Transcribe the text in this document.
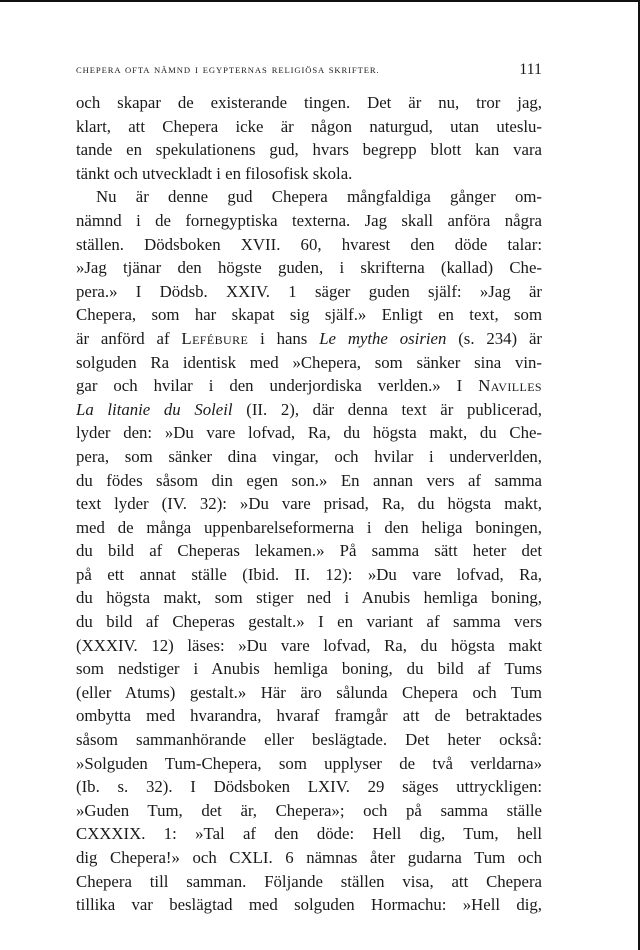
CHEPERA OFTA NÄMND I EGYPTERNAS RELIGIÖSA SKRIFTER.	111
och skapar de existerande tingen. Det är nu, tror jag,
klart, att Chepera icke är någon naturgud, utan uteslu-
tande en spekulationens gud, hvars begrepp blott kan vara
tänkt och utveckladt i en filosofisk skola.
Nu är denne gud Chepera mångfaldiga gånger om-
nämnd i de fornegyptiska texterna. Jag skall anföra några
ställen. Dödsboken XVII. 60, hvarest den döde talar:
»Jag tjänar den högste guden, i skrifterna (kallad) Che-
pera.» I Dödsb. XXIV. 1 säger guden själf: »Jag är
Chepera, som har skapat sig själf.» Enligt en text, som
är anförd af Lefébure i hans Le mythe osirien (s. 234) är
solguden Ra identisk med »Chepera, som sänker sina vin-
gar och hvilar i den underjordiska verlden.» I Navilles
La litanie du Soleil (II. 2), där denna text är publicerad,
lyder den: »Du vare lofvad, Ra, du högsta makt, du Che-
pera, som sänker dina vingar, och hvilar i underverlden,
du födes såsom din egen son.» En annan vers af samma
text lyder (IV. 32): »Du vare prisad, Ra, du högsta makt,
med de många uppenbarelseformerna i den heliga boningen,
du bild af Cheperas lekamen.» På samma sätt heter det
på ett annat ställe (Ibid. II. 12): »Du vare lofvad, Ra,
du högsta makt, som stiger ned i Anubis hemliga boning,
du bild af Cheperas gestalt.» I en variant af samma vers
(XXXIV. 12) läses: »Du vare lofvad, Ra, du högsta makt
som nedstiger i Anubis hemliga boning, du bild af Tums
(eller Atums) gestalt.» Här äro sålunda Chepera och Tum
ombytta med hvarandra, hvaraf framgår att de betraktades
såsom sammanhörande eller beslägtade. Det heter också:
»Solguden Tum-Chepera, som upplyser de två verldarna»
(Ib. s. 32). I Dödsboken LXIV. 29 säges uttryckligen:
»Guden Tum, det är, Chepera»; och på samma ställe
CXXXIX. 1: »Tal af den döde: Hell dig, Tum, hell
dig Chepera!» och CXLI. 6 nämnas åter gudarna Tum och
Chepera till samman. Följande ställen visa, att Chepera
tillika var beslägtad med solguden Hormachu: »Hell dig,
